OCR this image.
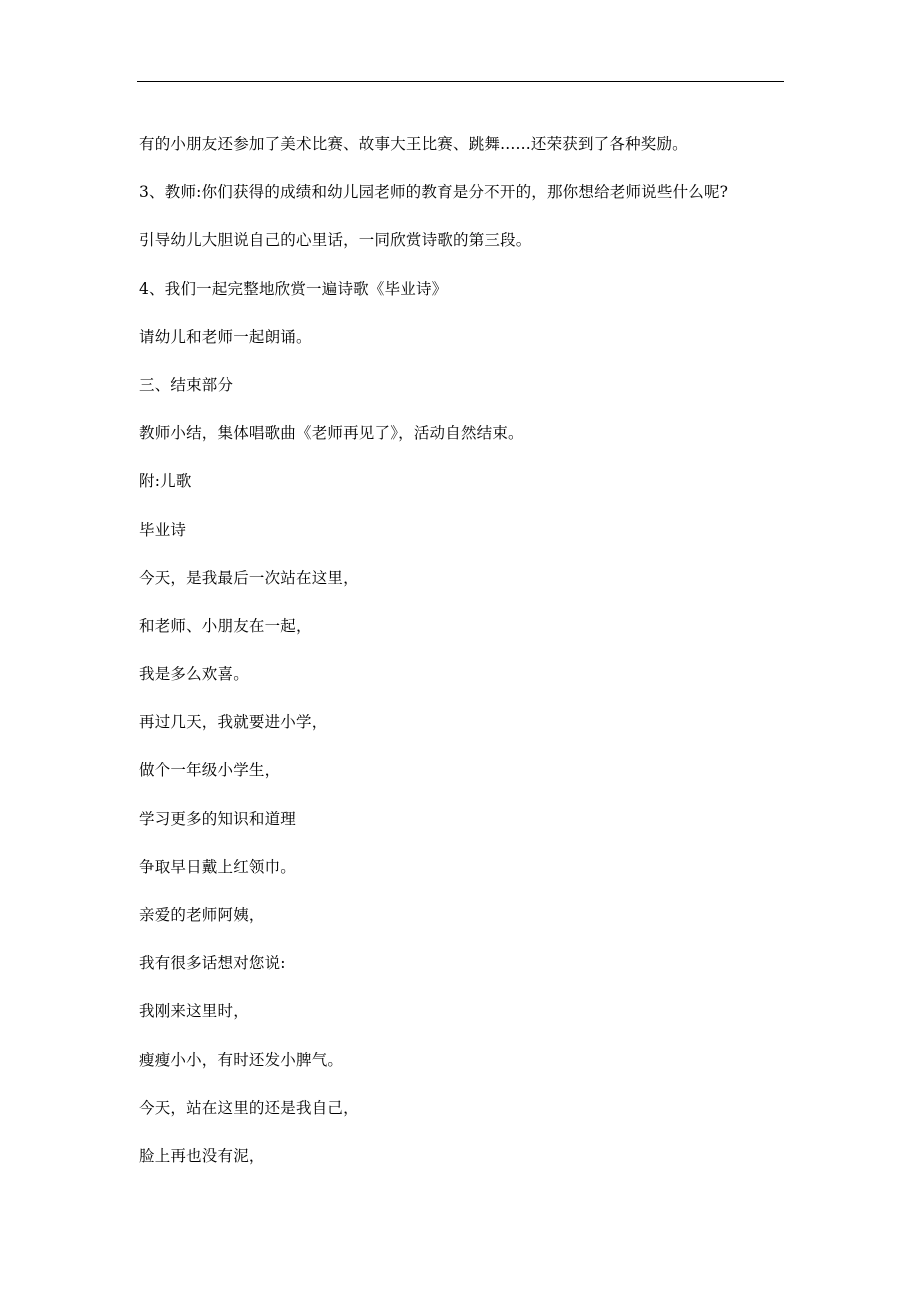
有的小朋友还参加了美术比赛、故事大王比赛、跳舞......还荣获到了各种奖励。
3、教师:你们获得的成绩和幼儿园老师的教育是分不开的，那你想给老师说些什么呢?
引导幼儿大胆说自己的心里话，一同欣赏诗歌的第三段。
4、我们一起完整地欣赏一遍诗歌《毕业诗》
请幼儿和老师一起朗诵。
三、结束部分
教师小结，集体唱歌曲《老师再见了》，活动自然结束。
附:儿歌
毕业诗
今天，是我最后一次站在这里，
和老师、小朋友在一起，
我是多么欢喜。
再过几天，我就要进小学，
做个一年级小学生，
学习更多的知识和道理
争取早日戴上红领巾。
亲爱的老师阿姨，
我有很多话想对您说:
我刚来这里时，
瘦瘦小小，有时还发小脾气。
今天，站在这里的还是我自己，
脸上再也没有泥，
